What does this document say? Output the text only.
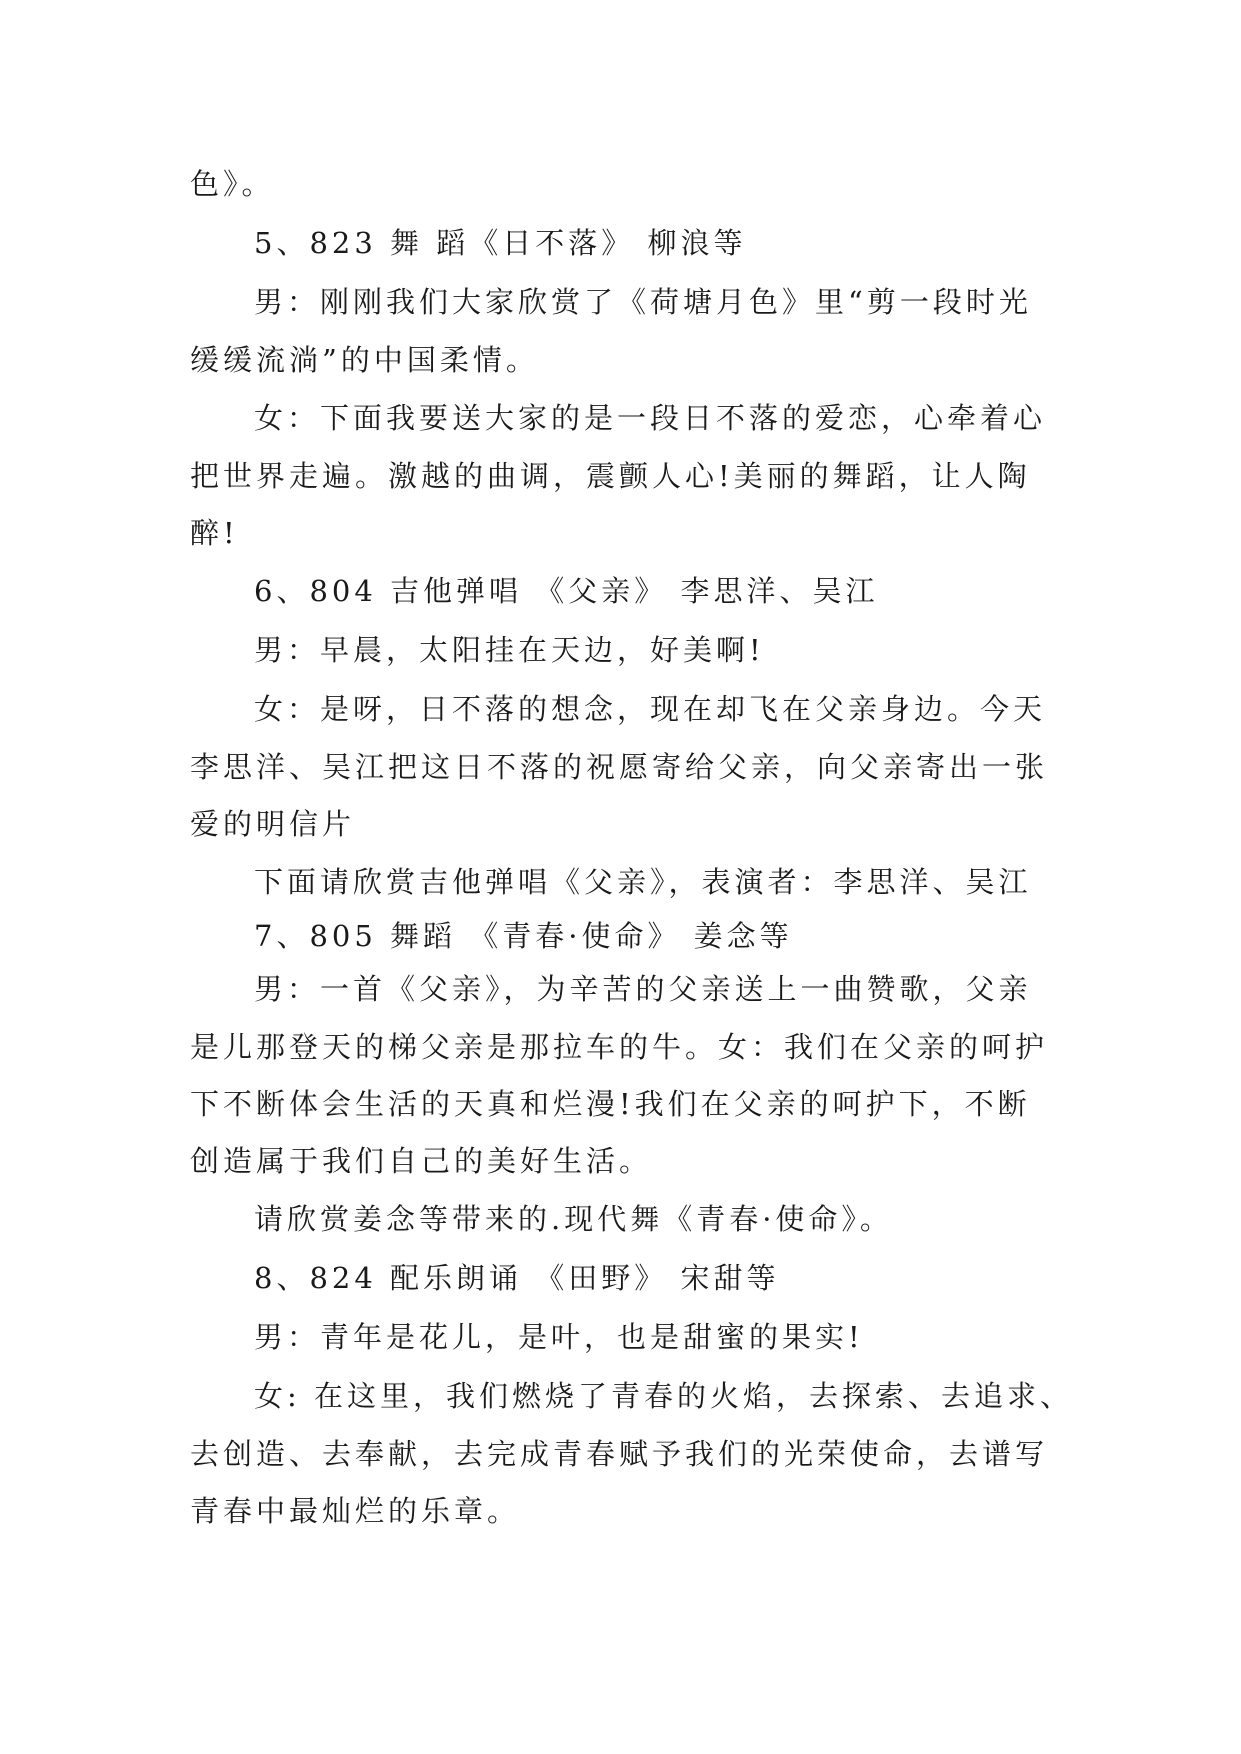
色》。

5、823 舞 蹈《日不落》 柳浪等

男：刚刚我们大家欣赏了《荷塘月色》里“剪一段时光

缓缓流淌”的中国柔情。

女：下面我要送大家的是一段日不落的爱恋，心牵着心

把世界走遍。激越的曲调，震颤人心!美丽的舞蹈，让人陶

醉!

6、804 吉他弹唱 《父亲》 李思洋、吴江

男：早晨，太阳挂在天边，好美啊!

女：是呀，日不落的想念，现在却飞在父亲身边。今天

李思洋、吴江把这日不落的祝愿寄给父亲，向父亲寄出一张

爱的明信片

下面请欣赏吉他弹唱《父亲》，表演者：李思洋、吴江

7、805 舞蹈 《青春·使命》 姜念等

男：一首《父亲》，为辛苦的父亲送上一曲赞歌，父亲

是儿那登天的梯父亲是那拉车的牛。女：我们在父亲的呵护

下不断体会生活的天真和烂漫!我们在父亲的呵护下，不断

创造属于我们自己的美好生活。

请欣赏姜念等带来的.现代舞《青春·使命》。

8、824 配乐朗诵 《田野》 宋甜等

男：青年是花儿，是叶，也是甜蜜的果实!

女: 在这里，我们燃烧了青春的火焰，去探索、去追求、

去创造、去奉献，去完成青春赋予我们的光荣使命，去谱写

青春中最灿烂的乐章。
